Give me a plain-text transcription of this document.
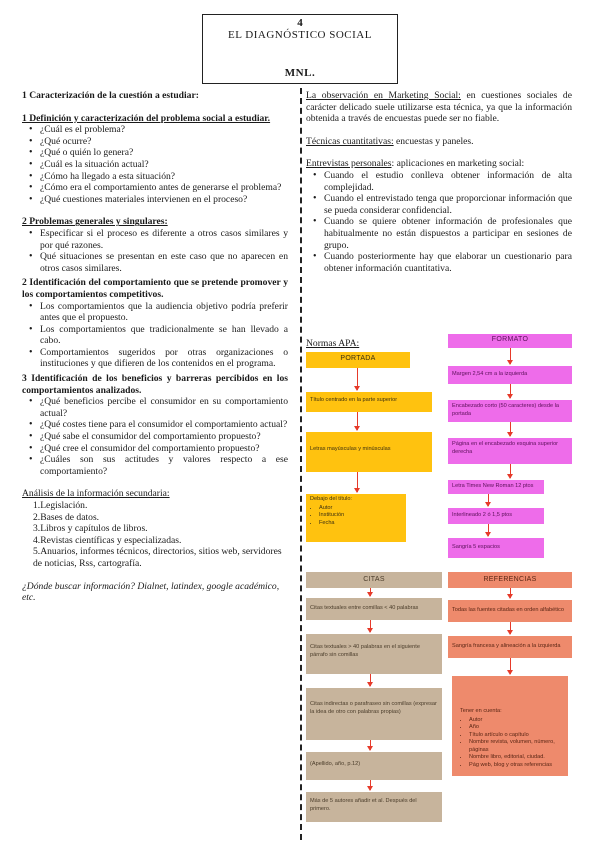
4
EL DIAGNÓSTICO SOCIAL
MNL.

1 Caracterización de la cuestión a estudiar:

1 Definición y caracterización del problema social a estudiar.

• ¿Cuál es el problema?
• ¿Qué ocurre?
• ¿Qué o quién lo genera?
• ¿Cuál es la situación actual?
• ¿Cómo ha llegado a esta situación?
• ¿Cómo era el comportamiento antes de generarse el problema?
• ¿Qué cuestiones materiales intervienen en el proceso?

2 Problemas generales y singulares:

• Especificar si el proceso es diferente a otros casos similares y por qué razones.
• Qué situaciones se presentan en este caso que no aparecen en otros casos similares.

2 Identificación del comportamiento que se pretende promover y los comportamientos competitivos.

• Los comportamientos que la audiencia objetivo podría preferir antes que el propuesto.
• Los comportamientos que tradicionalmente se han llevado a cabo.
• Comportamientos sugeridos por otras organizaciones o instituciones y que difieren de los contenidos en el programa.

3 Identificación de los beneficios y barreras percibidos en los comportamientos analizados.

• ¿Qué beneficios percibe el consumidor en su comportamiento actual?
• ¿Qué costes tiene para el consumidor el comportamiento actual?
• ¿Qué sabe el consumidor del comportamiento propuesto?
• ¿Qué cree el consumidor del comportamiento propuesto?
• ¿Cuáles son sus actitudes y valores respecto a ese comportamiento?

Análisis de la información secundaria:

1.Legislación.
2.Bases de datos.
3.Libros y capítulos de libros.
4.Revistas científicas y especializadas.
5.Anuarios, informes técnicos, directorios, sitios web, servidores de noticias, Rss, cartografía.

¿Dónde buscar información? Dialnet, latindex, google académico, etc.

La observación en Marketing Social: en cuestiones sociales de carácter delicado suele utilizarse esta técnica, ya que la información obtenida a través de encuestas puede ser no fiable.

Técnicas cuantitativas: encuestas y paneles.

Entrevistas personales: aplicaciones en marketing social:

• Cuando el estudio conlleva obtener información de alta complejidad.
• Cuando el entrevistado tenga que proporcionar información que se pueda considerar confidencial.
• Cuando se quiere obtener información de profesionales que habitualmente no están dispuestos a participar en sesiones de grupo.
• Cuando posteriormente hay que elaborar un cuestionario para obtener información cuantitativa.
Normas APA:
PORTADA
Título centrado en la parte superior
Letras mayúsculas y minúsculas
Debajo del título:
• Autor
• Institución
• Fecha
FORMATO
Margen 2,54 cm a la izquierda
Encabezado corto (50 caracteres) desde la portada
Página en el encabezado esquina superior derecha
Letra Times New Roman 12 ptos
Interlineado 2 ó 1,5 ptos
Sangría 5 espacios
CITAS
Citas textuales entre comillas < 40 palabras
Citas textuales > 40 palabras en el siguiente párrafo sin comillas
Citas indirectas o parafraseo sin comillas (expresar la idea de otro con palabras propias)
(Apellido, año, p.12)
Más de 5 autores añadir et al. Después del primero.
REFERENCIAS
Todas las fuentes citadas en orden alfabético
Sangría francesa y alineación a la izquierda
Tener en cuenta:
• Autor
• Año
• Título artículo o capítulo
• Nombre revista, volumen, número, páginas
• Nombre libro, editorial, ciudad.
• Pág web, blog y otras referencias
